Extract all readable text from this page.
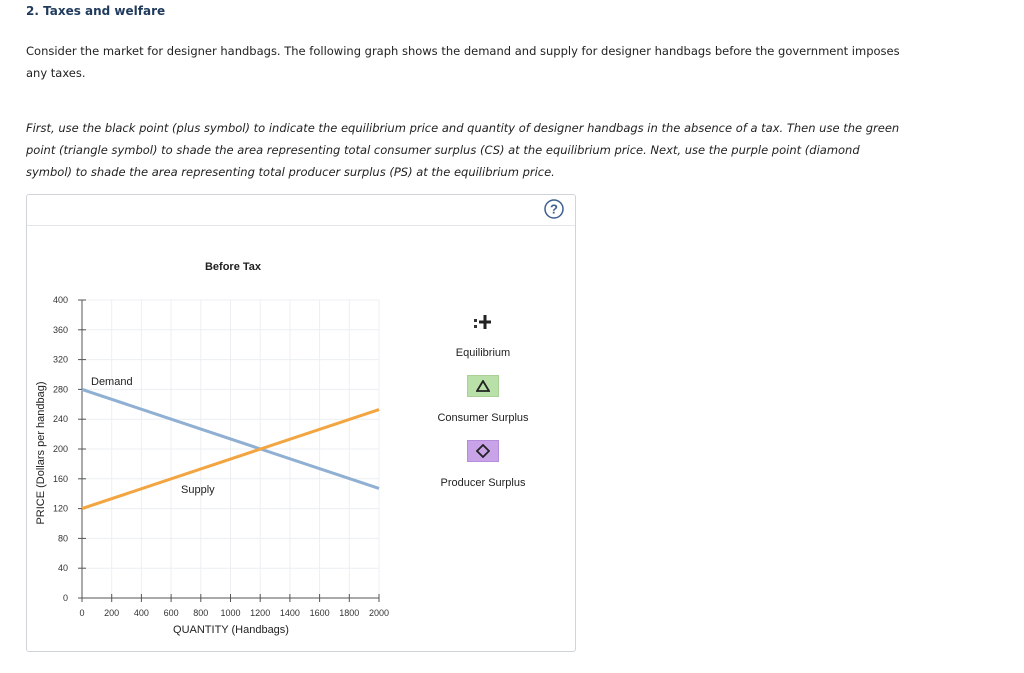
2. Taxes and welfare
Consider the market for designer handbags. The following graph shows the demand and supply for designer handbags before the government imposes any taxes.
First, use the black point (plus symbol) to indicate the equilibrium price and quantity of designer handbags in the absence of a tax. Then use the green point (triangle symbol) to shade the area representing total consumer surplus (CS) at the equilibrium price. Next, use the purple point (diamond symbol) to shade the area representing total producer surplus (PS) at the equilibrium price.
?
Before Tax
0
40
80
120
160
200
240
280
320
360
400
0 200 400 600 800 1000 1200 1400 1600 1800 2000
Demand
Supply
QUANTITY (Handbags)
PRICE (Dollars per handbag)
Equilibrium
Consumer Surplus
Producer Surplus
